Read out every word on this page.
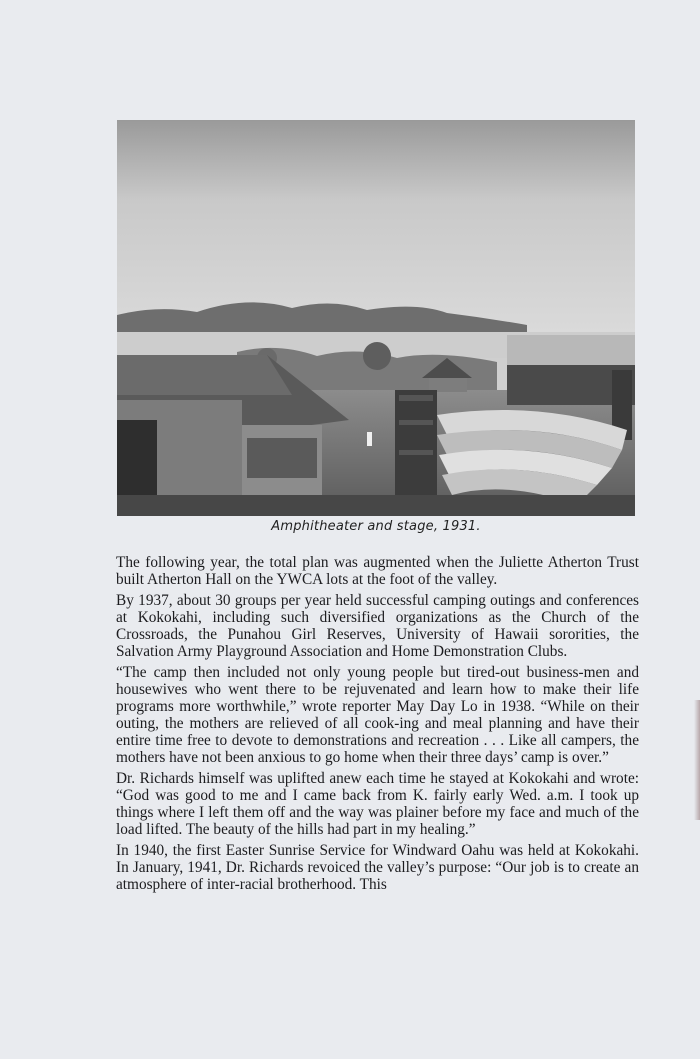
Amphitheater and stage, 1931.

The following year, the total plan was augmented when the Juliette Atherton Trust built Atherton Hall on the YWCA lots at the foot of the valley.

By 1937, about 30 groups per year held successful camping outings and conferences at Kokokahi, including such diversified organizations as the Church of the Crossroads, the Punahou Girl Reserves, University of Hawaii sororities, the Salvation Army Playground Association and Home Demonstration Clubs.

“The camp then included not only young people but tired-out business-men and housewives who went there to be rejuvenated and learn how to make their life programs more worthwhile,” wrote reporter May Day Lo in 1938. “While on their outing, the mothers are relieved of all cook-ing and meal planning and have their entire time free to devote to demonstrations and recreation . . . Like all campers, the mothers have not been anxious to go home when their three days’ camp is over.”

Dr. Richards himself was uplifted anew each time he stayed at Kokokahi and wrote: “God was good to me and I came back from K. fairly early Wed. a.m. I took up things where I left them off and the way was plainer before my face and much of the load lifted. The beauty of the hills had part in my healing.”

In 1940, the first Easter Sunrise Service for Windward Oahu was held at Kokokahi. In January, 1941, Dr. Richards revoiced the valley’s purpose: “Our job is to create an atmosphere of inter-racial brotherhood. This
